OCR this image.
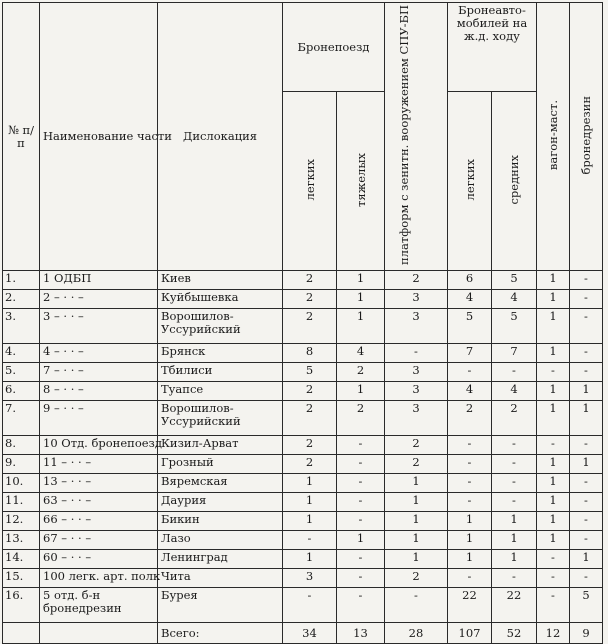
№ п/п	Наименование части	Дислокация	Бронепоезд		платформ с зенитн. вооружением СПУ-БП	Бронеавто-мобилей на ж.д. ходу		вагон-маст.	бронедрезин
			легких	тяжелых		легких	средних		
1.	1 ОДБП	Киев	2	1	2	6	5	1	-
2.	2 – · · –	Куйбышевка	2	1	3	4	4	1	-
3.	3 – · · –	Ворошилов-Уссурийский	2	1	3	5	5	1	-
4.	4 – · · –	Брянск	8	4	-	7	7	1	-
5.	7 – · · –	Тбилиси	5	2	3	-	-	-	-
6.	8 – · · –	Туапсе	2	1	3	4	4	1	1
7.	9 – · · –	Ворошилов-Уссурийский	2	2	3	2	2	1	1
8.	10 Отд. бронепоезд	Кизил-Арват	2	-	2	-	-	-	-
9.	11 – · · –	Грозный	2	-	2	-	-	1	1
10.	13 – · · –	Вяремская	1	-	1	-	-	1	-
11.	63 – · · –	Даурия	1	-	1	-	-	1	-
12.	66 – · · –	Бикин	1	-	1	1	1	1	-
13.	67 – · · –	Лазо	-	1	1	1	1	1	-
14.	60 – · · –	Ленинград	1	-	1	1	1	-	1
15.	100 легк. арт. полк	Чита	3	-	2	-	-	-	-
16.	5 отд. б-н бронедрезин	Бурея	-	-	-	22	22	-	5
		Всего:	34	13	28	107	52	12	9
